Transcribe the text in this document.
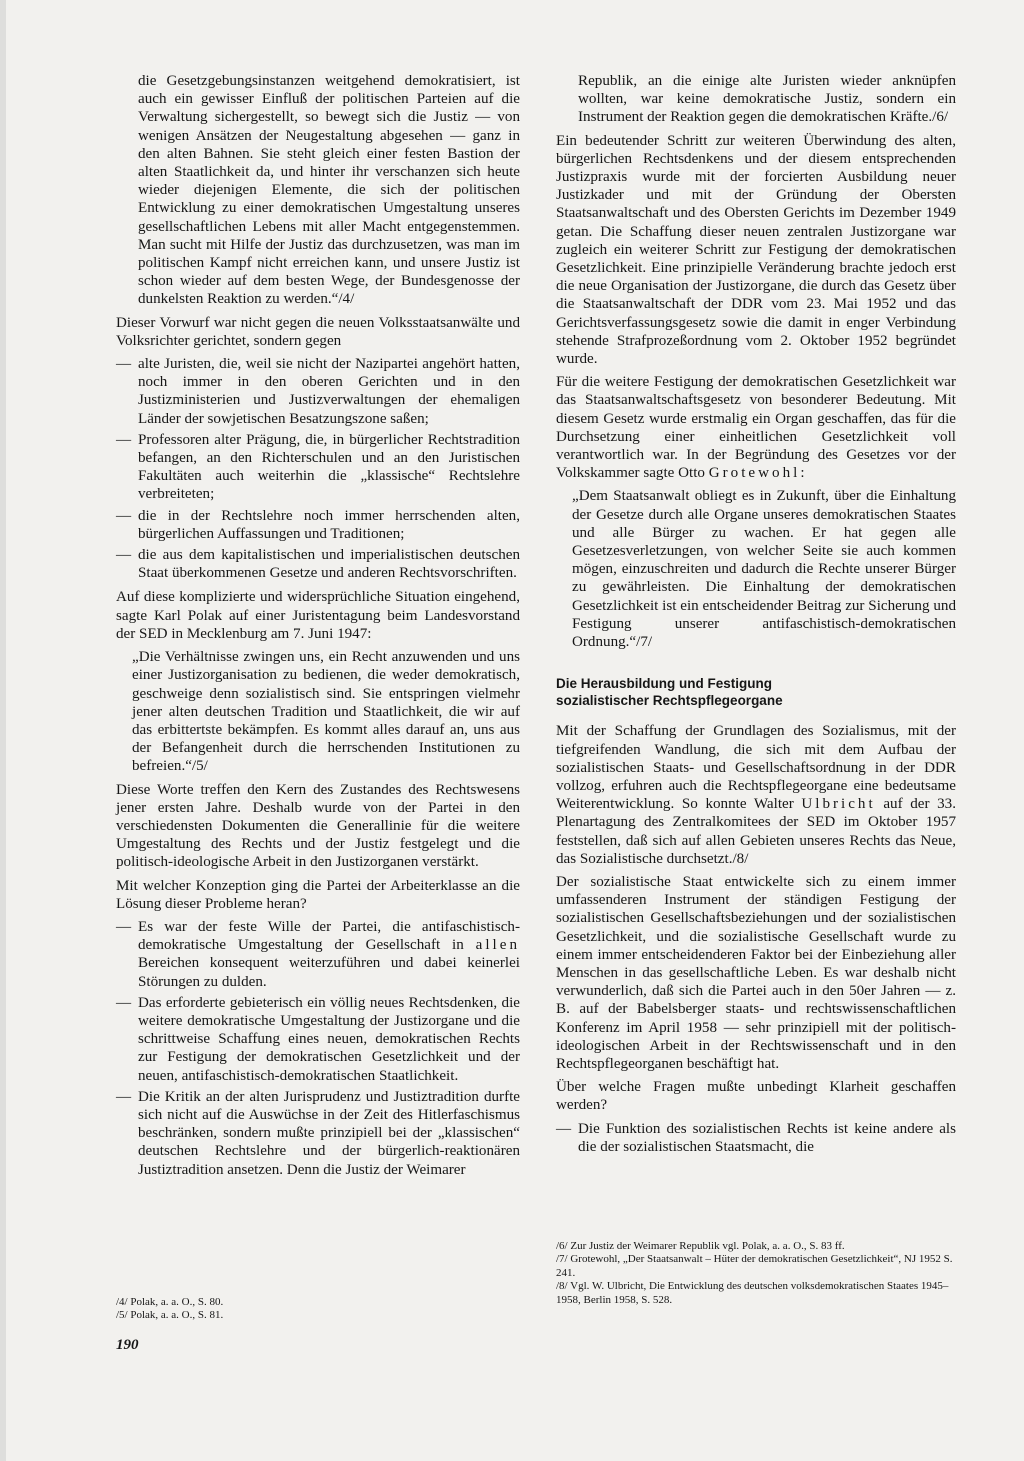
die Gesetzgebungsinstanzen weitgehend demokratisiert, ist auch ein gewisser Einfluß der politischen Parteien auf die Verwaltung sichergestellt, so bewegt sich die Justiz — von wenigen Ansätzen der Neugestaltung abgesehen — ganz in den alten Bahnen. Sie steht gleich einer festen Bastion der alten Staatlichkeit da, und hinter ihr verschanzen sich heute wieder diejenigen Elemente, die sich der politischen Entwicklung zu einer demokratischen Umgestaltung unseres gesellschaftlichen Lebens mit aller Macht entgegenstemmen. Man sucht mit Hilfe der Justiz das durchzusetzen, was man im politischen Kampf nicht erreichen kann, und unsere Justiz ist schon wieder auf dem besten Wege, der Bundesgenosse der dunkelsten Reaktion zu werden.“/4/

Dieser Vorwurf war nicht gegen die neuen Volksstaatsanwälte und Volksrichter gerichtet, sondern gegen

— alte Juristen, die, weil sie nicht der Nazipartei angehört hatten, noch immer in den oberen Gerichten und in den Justizministerien und Justizverwaltungen der ehemaligen Länder der sowjetischen Besatzungszone saßen;
— Professoren alter Prägung, die, in bürgerlicher Rechtstradition befangen, an den Richterschulen und an den Juristischen Fakultäten auch weiterhin die „klassische“ Rechtslehre verbreiteten;
— die in der Rechtslehre noch immer herrschenden alten, bürgerlichen Auffassungen und Traditionen;
— die aus dem kapitalistischen und imperialistischen deutschen Staat überkommenen Gesetze und anderen Rechtsvorschriften.

Auf diese komplizierte und widersprüchliche Situation eingehend, sagte Karl Polak auf einer Juristentagung beim Landesvorstand der SED in Mecklenburg am 7. Juni 1947:

„Die Verhältnisse zwingen uns, ein Recht anzuwenden und uns einer Justizorganisation zu bedienen, die weder demokratisch, geschweige denn sozialistisch sind. Sie entspringen vielmehr jener alten deutschen Tradition und Staatlichkeit, die wir auf das erbittertste bekämpfen. Es kommt alles darauf an, uns aus der Befangenheit durch die herrschenden Institutionen zu befreien.“/5/

Diese Worte treffen den Kern des Zustandes des Rechtswesens jener ersten Jahre. Deshalb wurde von der Partei in den verschiedensten Dokumenten die Generallinie für die weitere Umgestaltung des Rechts und der Justiz festgelegt und die politisch-ideologische Arbeit in den Justizorganen verstärkt.

Mit welcher Konzeption ging die Partei der Arbeiterklasse an die Lösung dieser Probleme heran?

— Es war der feste Wille der Partei, die antifaschistisch-demokratische Umgestaltung der Gesellschaft in allen Bereichen konsequent weiterzuführen und dabei keinerlei Störungen zu dulden.
— Das erforderte gebieterisch ein völlig neues Rechtsdenken, die weitere demokratische Umgestaltung der Justizorgane und die schrittweise Schaffung eines neuen, demokratischen Rechts zur Festigung der demokratischen Gesetzlichkeit und der neuen, antifaschistisch-demokratischen Staatlichkeit.
— Die Kritik an der alten Jurisprudenz und Justiztradition durfte sich nicht auf die Auswüchse in der Zeit des Hitlerfaschismus beschränken, sondern mußte prinzipiell bei der „klassischen“ deutschen Rechtslehre und der bürgerlich-reaktionären Justiztradition ansetzen. Denn die Justiz der Weimarer

Republik, an die einige alte Juristen wieder anknüpfen wollten, war keine demokratische Justiz, sondern ein Instrument der Reaktion gegen die demokratischen Kräfte./6/

Ein bedeutender Schritt zur weiteren Überwindung des alten, bürgerlichen Rechtsdenkens und der diesem entsprechenden Justizpraxis wurde mit der forcierten Ausbildung neuer Justizkader und mit der Gründung der Obersten Staatsanwaltschaft und des Obersten Gerichts im Dezember 1949 getan. Die Schaffung dieser neuen zentralen Justizorgane war zugleich ein weiterer Schritt zur Festigung der demokratischen Gesetzlichkeit. Eine prinzipielle Veränderung brachte jedoch erst die neue Organisation der Justizorgane, die durch das Gesetz über die Staatsanwaltschaft der DDR vom 23. Mai 1952 und das Gerichtsverfassungsgesetz sowie die damit in enger Verbindung stehende Strafprozeßordnung vom 2. Oktober 1952 begründet wurde.

Für die weitere Festigung der demokratischen Gesetzlichkeit war das Staatsanwaltschaftsgesetz von besonderer Bedeutung. Mit diesem Gesetz wurde erstmalig ein Organ geschaffen, das für die Durchsetzung einer einheitlichen Gesetzlichkeit voll verantwortlich war. In der Begründung des Gesetzes vor der Volkskammer sagte Otto Grotewohl:

„Dem Staatsanwalt obliegt es in Zukunft, über die Einhaltung der Gesetze durch alle Organe unseres demokratischen Staates und alle Bürger zu wachen. Er hat gegen alle Gesetzesverletzungen, von welcher Seite sie auch kommen mögen, einzuschreiten und dadurch die Rechte unserer Bürger zu gewährleisten. Die Einhaltung der demokratischen Gesetzlichkeit ist ein entscheidender Beitrag zur Sicherung und Festigung unserer antifaschistisch-demokratischen Ordnung.“/7/

Die Herausbildung und Festigung
sozialistischer Rechtspflegeorgane

Mit der Schaffung der Grundlagen des Sozialismus, mit der tiefgreifenden Wandlung, die sich mit dem Aufbau der sozialistischen Staats- und Gesellschaftsordnung in der DDR vollzog, erfuhren auch die Rechtspflegeorgane eine bedeutsame Weiterentwicklung. So konnte Walter Ulbricht auf der 33. Plenartagung des Zentralkomitees der SED im Oktober 1957 feststellen, daß sich auf allen Gebieten unseres Rechts das Neue, das Sozialistische durchsetzt./8/

Der sozialistische Staat entwickelte sich zu einem immer umfassenderen Instrument der ständigen Festigung der sozialistischen Gesellschaftsbeziehungen und der sozialistischen Gesetzlichkeit, und die sozialistische Gesellschaft wurde zu einem immer entscheidenderen Faktor bei der Einbeziehung aller Menschen in das gesellschaftliche Leben. Es war deshalb nicht verwunderlich, daß sich die Partei auch in den 50er Jahren — z. B. auf der Babelsberger staats- und rechtswissenschaftlichen Konferenz im April 1958 — sehr prinzipiell mit der politisch-ideologischen Arbeit in der Rechtswissenschaft und in den Rechtspflegeorganen beschäftigt hat.

Über welche Fragen mußte unbedingt Klarheit geschaffen werden?

— Die Funktion des sozialistischen Rechts ist keine andere als die der sozialistischen Staatsmacht, die
/4/ Polak, a. a. O., S. 80.
/5/ Polak, a. a. O., S. 81.
/6/ Zur Justiz der Weimarer Republik vgl. Polak, a. a. O., S. 83 ff.
/7/ Grotewohl, „Der Staatsanwalt – Hüter der demokratischen Gesetzlichkeit“, NJ 1952 S. 241.
/8/ Vgl. W. Ulbricht, Die Entwicklung des deutschen volksdemokratischen Staates 1945–1958, Berlin 1958, S. 528.
190
